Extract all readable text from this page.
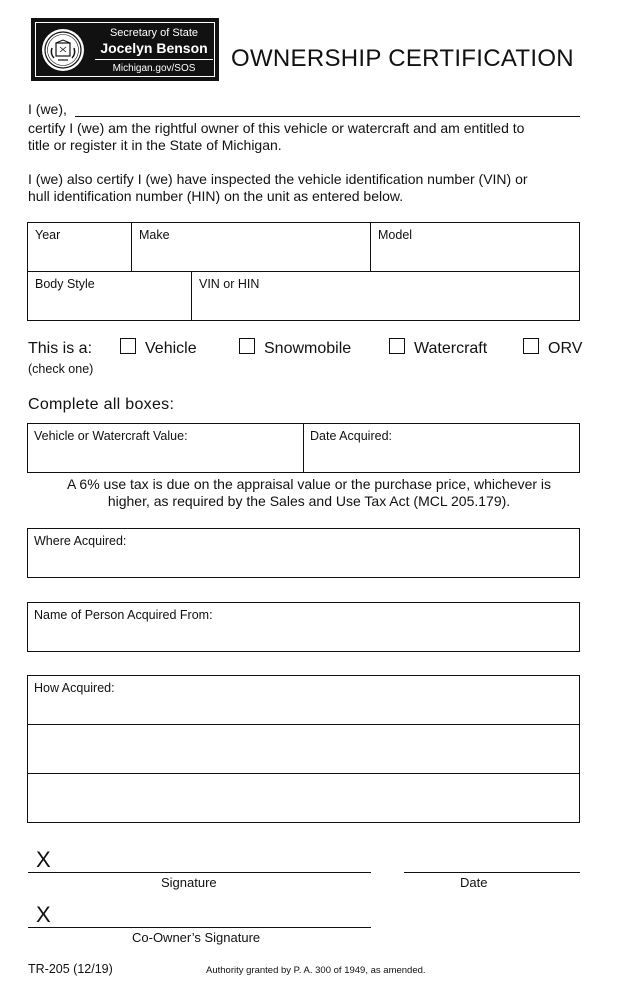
Secretary of State
Jocelyn Benson
Michigan.gov/SOS	OWNERSHIP CERTIFICATION
I (we),
certify I (we) am the rightful owner of this vehicle or watercraft and am entitled to
title or register it in the State of Michigan.
I (we) also certify I (we) have inspected the vehicle identification number (VIN) or
hull identification number (HIN) on the unit as entered below.
Year	Make	Model
Body Style	VIN or HIN
This is a:
(check one)
Vehicle	Snowmobile	Watercraft	ORV
Complete all boxes:
Vehicle or Watercraft Value:	Date Acquired:
A 6% use tax is due on the appraisal value or the purchase price, whichever is
higher, as required by the Sales and Use Tax Act (MCL 205.179).
Where Acquired:
Name of Person Acquired From:
How Acquired:
X
Signature	Date
X
Co-Owner’s Signature
TR-205 (12/19)	Authority granted by P. A. 300 of 1949, as amended.
